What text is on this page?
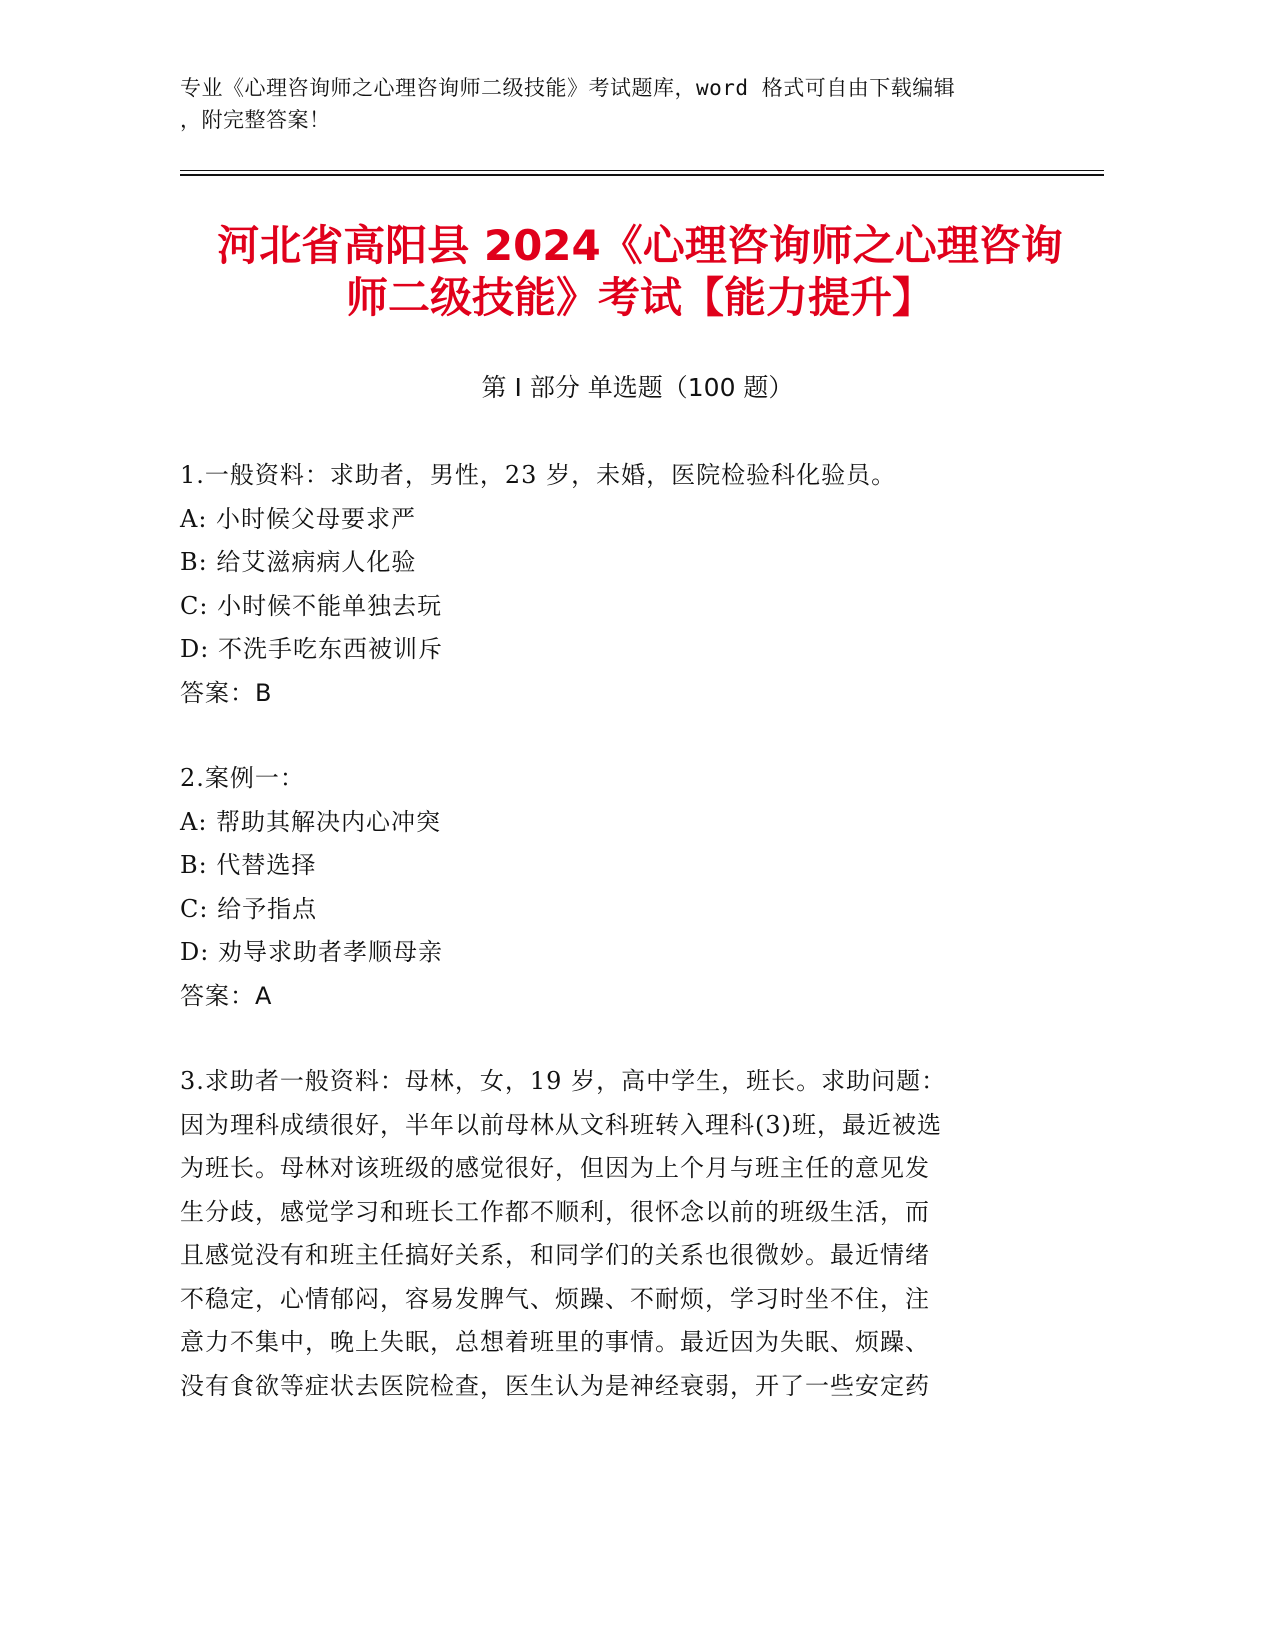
专业《心理咨询师之心理咨询师二级技能》考试题库，word 格式可自由下载编辑
，附完整答案！
河北省高阳县 2024《心理咨询师之心理咨询
师二级技能》考试【能力提升】
第 I 部分 单选题（100 题）
1.一般资料：求助者，男性，23 岁，未婚，医院检验科化验员。
A: 小时候父母要求严
B: 给艾滋病病人化验
C: 小时候不能单独去玩
D: 不洗手吃东西被训斥
答案：B
2.案例一：
A: 帮助其解决内心冲突
B: 代替选择
C: 给予指点
D: 劝导求助者孝顺母亲
答案：A
3.求助者一般资料：母林，女，19 岁，高中学生，班长。求助问题：
因为理科成绩很好，半年以前母林从文科班转入理科(3)班，最近被选
为班长。母林对该班级的感觉很好，但因为上个月与班主任的意见发
生分歧，感觉学习和班长工作都不顺利，很怀念以前的班级生活，而
且感觉没有和班主任搞好关系，和同学们的关系也很微妙。最近情绪
不稳定，心情郁闷，容易发脾气、烦躁、不耐烦，学习时坐不住，注
意力不集中，晚上失眠，总想着班里的事情。最近因为失眠、烦躁、
没有食欲等症状去医院检查，医生认为是神经衰弱，开了一些安定药
